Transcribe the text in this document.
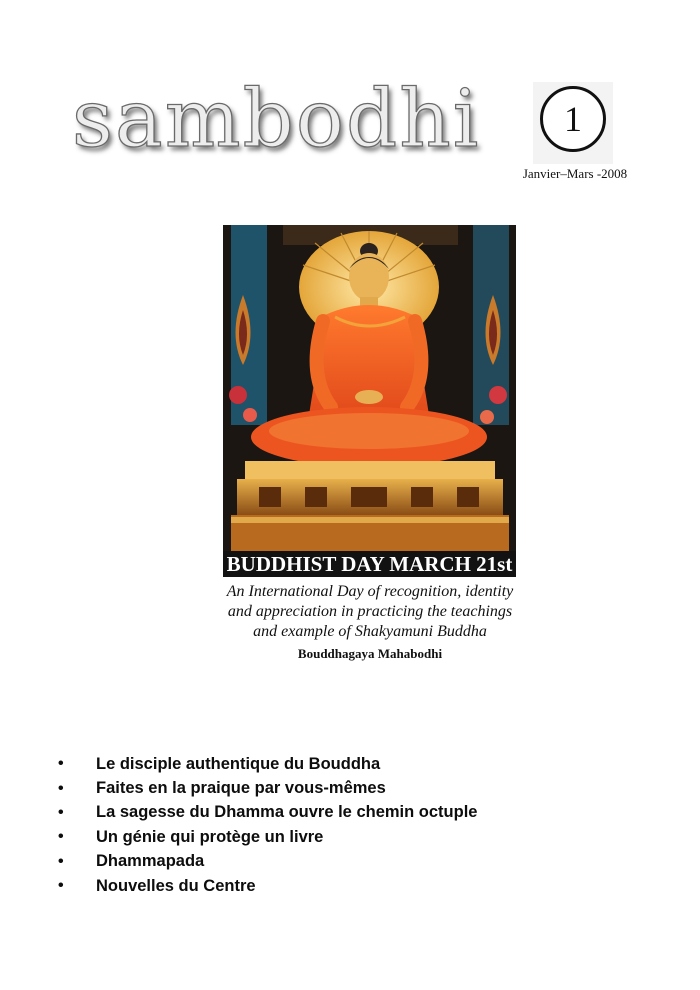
sambodhi	1
Janvier–Mars -2008
BUDDHIST DAY MARCH 21st
An International Day of recognition, identity
and appreciation in practicing the teachings
and example of Shakyamuni Buddha
Bouddhagaya Mahabodhi
•	Le disciple authentique du Bouddha
•	Faites en la praique par vous-mêmes
•	La sagesse du Dhamma ouvre le chemin octuple
•	Un génie qui protège un livre
•	Dhammapada
•	Nouvelles du Centre
